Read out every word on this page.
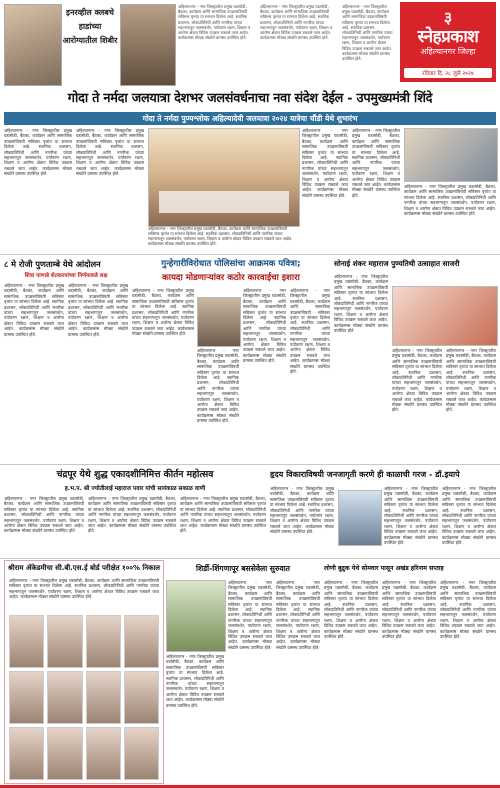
इनरव्हील क्लबचे हाडांच्या आरोग्यातील शिबीर
अहिल्यानगर - नगर जिल्ह्यातील प्रमुख घडामोडी, बैठका, कार्यक्रम आणि सामाजिक उपक्रमांविषयी सविस्तर वृत्तांत या स्तंभात दिलेला आहे. स्थानिक प्रशासन, लोकप्रतिनिधी आणि नागरिक यांच्या सहभागातून जलसंवर्धन, पर्यावरण रक्षण, शिक्षण व आरोग्य क्षेत्रात विविध उपक्रम राबवले जात आहेत. कार्यक्रमास मोठ्या संख्येने ग्रामस्थ उपस्थित होते.
अहिल्यानगर - नगर जिल्ह्यातील प्रमुख घडामोडी, बैठका, कार्यक्रम आणि सामाजिक उपक्रमांविषयी सविस्तर वृत्तांत या स्तंभात दिलेला आहे. स्थानिक प्रशासन, लोकप्रतिनिधी आणि नागरिक यांच्या सहभागातून जलसंवर्धन, पर्यावरण रक्षण, शिक्षण व आरोग्य क्षेत्रात विविध उपक्रम राबवले जात आहेत. कार्यक्रमास मोठ्या संख्येने ग्रामस्थ उपस्थित होते.
अहिल्यानगर - नगर जिल्ह्यातील प्रमुख घडामोडी, बैठका, कार्यक्रम आणि सामाजिक उपक्रमांविषयी सविस्तर वृत्तांत या स्तंभात दिलेला आहे. स्थानिक प्रशासन, लोकप्रतिनिधी आणि नागरिक यांच्या सहभागातून जलसंवर्धन, पर्यावरण रक्षण, शिक्षण व आरोग्य क्षेत्रात विविध उपक्रम राबवले जात आहेत. कार्यक्रमास मोठ्या संख्येने ग्रामस्थ उपस्थित होते.
३
स्नेहप्रकाश
अहिल्यानगर जिल्हा
रविवार दि. २८ जुलै २०२४
गोदा ते नर्मदा जलयात्रा देशभर जलसंवर्धनाचा नवा संदेश देईल - उपमुख्यमंत्री शिंदे
गोदा ते नर्मदा पुण्यश्लोक अहिल्यादेवी जलयात्रा २०२४ यात्रेचा चौंडी येथे शुभारंभ
अहिल्यानगर - नगर जिल्ह्यातील प्रमुख घडामोडी, बैठका, कार्यक्रम आणि सामाजिक उपक्रमांविषयी सविस्तर वृत्तांत या स्तंभात दिलेला आहे. स्थानिक प्रशासन, लोकप्रतिनिधी आणि नागरिक यांच्या सहभागातून जलसंवर्धन, पर्यावरण रक्षण, शिक्षण व आरोग्य क्षेत्रात विविध उपक्रम राबवले जात आहेत. कार्यक्रमास मोठ्या संख्येने ग्रामस्थ उपस्थित होते.
अहिल्यानगर - नगर जिल्ह्यातील प्रमुख घडामोडी, बैठका, कार्यक्रम आणि सामाजिक उपक्रमांविषयी सविस्तर वृत्तांत या स्तंभात दिलेला आहे. स्थानिक प्रशासन, लोकप्रतिनिधी आणि नागरिक यांच्या सहभागातून जलसंवर्धन, पर्यावरण रक्षण, शिक्षण व आरोग्य क्षेत्रात विविध उपक्रम राबवले जात आहेत. कार्यक्रमास मोठ्या संख्येने ग्रामस्थ उपस्थित होते.
अहिल्यानगर - नगर जिल्ह्यातील प्रमुख घडामोडी, बैठका, कार्यक्रम आणि सामाजिक उपक्रमांविषयी सविस्तर वृत्तांत या स्तंभात दिलेला आहे. स्थानिक प्रशासन, लोकप्रतिनिधी आणि नागरिक यांच्या सहभागातून जलसंवर्धन, पर्यावरण रक्षण, शिक्षण व आरोग्य क्षेत्रात विविध उपक्रम राबवले जात आहेत. कार्यक्रमास मोठ्या संख्येने ग्रामस्थ उपस्थित होते.
अहिल्यानगर - नगर जिल्ह्यातील प्रमुख घडामोडी, बैठका, कार्यक्रम आणि सामाजिक उपक्रमांविषयी सविस्तर वृत्तांत या स्तंभात दिलेला आहे. स्थानिक प्रशासन, लोकप्रतिनिधी आणि नागरिक यांच्या सहभागातून जलसंवर्धन, पर्यावरण रक्षण, शिक्षण व आरोग्य क्षेत्रात विविध उपक्रम राबवले जात आहेत. कार्यक्रमास मोठ्या संख्येने ग्रामस्थ उपस्थित होते.
अहिल्यानगर - नगर जिल्ह्यातील प्रमुख घडामोडी, बैठका, कार्यक्रम आणि सामाजिक उपक्रमांविषयी सविस्तर वृत्तांत या स्तंभात दिलेला आहे. स्थानिक प्रशासन, लोकप्रतिनिधी आणि नागरिक यांच्या सहभागातून जलसंवर्धन, पर्यावरण रक्षण, शिक्षण व आरोग्य क्षेत्रात विविध उपक्रम राबवले जात आहेत. कार्यक्रमास मोठ्या संख्येने ग्रामस्थ उपस्थित होते.
अहिल्यानगर - नगर जिल्ह्यातील प्रमुख घडामोडी, बैठका, कार्यक्रम आणि सामाजिक उपक्रमांविषयी सविस्तर वृत्तांत या स्तंभात दिलेला आहे. स्थानिक प्रशासन, लोकप्रतिनिधी आणि नागरिक यांच्या सहभागातून जलसंवर्धन, पर्यावरण रक्षण, शिक्षण व आरोग्य क्षेत्रात विविध उपक्रम राबवले जात आहेत. कार्यक्रमास मोठ्या संख्येने ग्रामस्थ उपस्थित होते.
८ मे रोजी पुणताम्बे येथे आंदोलन
शिवा पाणाडे शेतकरयांच्या निर्णयाकडे लक्ष
अहिल्यानगर - नगर जिल्ह्यातील प्रमुख घडामोडी, बैठका, कार्यक्रम आणि सामाजिक उपक्रमांविषयी सविस्तर वृत्तांत या स्तंभात दिलेला आहे. स्थानिक प्रशासन, लोकप्रतिनिधी आणि नागरिक यांच्या सहभागातून जलसंवर्धन, पर्यावरण रक्षण, शिक्षण व आरोग्य क्षेत्रात विविध उपक्रम राबवले जात आहेत. कार्यक्रमास मोठ्या संख्येने ग्रामस्थ उपस्थित होते.
अहिल्यानगर - नगर जिल्ह्यातील प्रमुख घडामोडी, बैठका, कार्यक्रम आणि सामाजिक उपक्रमांविषयी सविस्तर वृत्तांत या स्तंभात दिलेला आहे. स्थानिक प्रशासन, लोकप्रतिनिधी आणि नागरिक यांच्या सहभागातून जलसंवर्धन, पर्यावरण रक्षण, शिक्षण व आरोग्य क्षेत्रात विविध उपक्रम राबवले जात आहेत. कार्यक्रमास मोठ्या संख्येने ग्रामस्थ उपस्थित होते.
गुन्हेगारीविरोधात पोलिसांचा आक्रमक पवित्रा;
कायदा मोडणाऱ्यांवर कठोर कारवाईचा इशारा
अहिल्यानगर - नगर जिल्ह्यातील प्रमुख घडामोडी, बैठका, कार्यक्रम आणि सामाजिक उपक्रमांविषयी सविस्तर वृत्तांत या स्तंभात दिलेला आहे. स्थानिक प्रशासन, लोकप्रतिनिधी आणि नागरिक यांच्या सहभागातून जलसंवर्धन, पर्यावरण रक्षण, शिक्षण व आरोग्य क्षेत्रात विविध उपक्रम राबवले जात आहेत. कार्यक्रमास मोठ्या संख्येने ग्रामस्थ उपस्थित होते.
अहिल्यानगर - नगर जिल्ह्यातील प्रमुख घडामोडी, बैठका, कार्यक्रम आणि सामाजिक उपक्रमांविषयी सविस्तर वृत्तांत या स्तंभात दिलेला आहे. स्थानिक प्रशासन, लोकप्रतिनिधी आणि नागरिक यांच्या सहभागातून जलसंवर्धन, पर्यावरण रक्षण, शिक्षण व आरोग्य क्षेत्रात विविध उपक्रम राबवले जात आहेत. कार्यक्रमास मोठ्या संख्येने ग्रामस्थ उपस्थित होते.
अहिल्यानगर - नगर जिल्ह्यातील प्रमुख घडामोडी, बैठका, कार्यक्रम आणि सामाजिक उपक्रमांविषयी सविस्तर वृत्तांत या स्तंभात दिलेला आहे. स्थानिक प्रशासन, लोकप्रतिनिधी आणि नागरिक यांच्या सहभागातून जलसंवर्धन, पर्यावरण रक्षण, शिक्षण व आरोग्य क्षेत्रात विविध उपक्रम राबवले जात आहेत. कार्यक्रमास मोठ्या संख्येने ग्रामस्थ उपस्थित होते.
अहिल्यानगर - नगर जिल्ह्यातील प्रमुख घडामोडी, बैठका, कार्यक्रम आणि सामाजिक उपक्रमांविषयी सविस्तर वृत्तांत या स्तंभात दिलेला आहे. स्थानिक प्रशासन, लोकप्रतिनिधी आणि नागरिक यांच्या सहभागातून जलसंवर्धन, पर्यावरण रक्षण, शिक्षण व आरोग्य क्षेत्रात विविध उपक्रम राबवले जात आहेत. कार्यक्रमास मोठ्या संख्येने ग्रामस्थ उपस्थित होते.
सोनाई शंकर महाराज पुण्यतिथी उत्साहात साजरी
अहिल्यानगर - नगर जिल्ह्यातील प्रमुख घडामोडी, बैठका, कार्यक्रम आणि सामाजिक उपक्रमांविषयी सविस्तर वृत्तांत या स्तंभात दिलेला आहे. स्थानिक प्रशासन, लोकप्रतिनिधी आणि नागरिक यांच्या सहभागातून जलसंवर्धन, पर्यावरण रक्षण, शिक्षण व आरोग्य क्षेत्रात विविध उपक्रम राबवले जात आहेत. कार्यक्रमास मोठ्या संख्येने ग्रामस्थ उपस्थित होते.
अहिल्यानगर - नगर जिल्ह्यातील प्रमुख घडामोडी, बैठका, कार्यक्रम आणि सामाजिक उपक्रमांविषयी सविस्तर वृत्तांत या स्तंभात दिलेला आहे. स्थानिक प्रशासन, लोकप्रतिनिधी आणि नागरिक यांच्या सहभागातून जलसंवर्धन, पर्यावरण रक्षण, शिक्षण व आरोग्य क्षेत्रात विविध उपक्रम राबवले जात आहेत. कार्यक्रमास मोठ्या संख्येने ग्रामस्थ उपस्थित होते.
अहिल्यानगर - नगर जिल्ह्यातील प्रमुख घडामोडी, बैठका, कार्यक्रम आणि सामाजिक उपक्रमांविषयी सविस्तर वृत्तांत या स्तंभात दिलेला आहे. स्थानिक प्रशासन, लोकप्रतिनिधी आणि नागरिक यांच्या सहभागातून जलसंवर्धन, पर्यावरण रक्षण, शिक्षण व आरोग्य क्षेत्रात विविध उपक्रम राबवले जात आहेत. कार्यक्रमास मोठ्या संख्येने ग्रामस्थ उपस्थित होते.
चंद्रपूर येथे शुद्ध एकादशीनिमित्त कीर्तन महोत्सव
ह.भ.प. श्री ज्योतीलाई महाराज पवार यांची सायंकाळ सकाळ वाणी
अहिल्यानगर - नगर जिल्ह्यातील प्रमुख घडामोडी, बैठका, कार्यक्रम आणि सामाजिक उपक्रमांविषयी सविस्तर वृत्तांत या स्तंभात दिलेला आहे. स्थानिक प्रशासन, लोकप्रतिनिधी आणि नागरिक यांच्या सहभागातून जलसंवर्धन, पर्यावरण रक्षण, शिक्षण व आरोग्य क्षेत्रात विविध उपक्रम राबवले जात आहेत. कार्यक्रमास मोठ्या संख्येने ग्रामस्थ उपस्थित होते.
अहिल्यानगर - नगर जिल्ह्यातील प्रमुख घडामोडी, बैठका, कार्यक्रम आणि सामाजिक उपक्रमांविषयी सविस्तर वृत्तांत या स्तंभात दिलेला आहे. स्थानिक प्रशासन, लोकप्रतिनिधी आणि नागरिक यांच्या सहभागातून जलसंवर्धन, पर्यावरण रक्षण, शिक्षण व आरोग्य क्षेत्रात विविध उपक्रम राबवले जात आहेत. कार्यक्रमास मोठ्या संख्येने ग्रामस्थ उपस्थित होते.
अहिल्यानगर - नगर जिल्ह्यातील प्रमुख घडामोडी, बैठका, कार्यक्रम आणि सामाजिक उपक्रमांविषयी सविस्तर वृत्तांत या स्तंभात दिलेला आहे. स्थानिक प्रशासन, लोकप्रतिनिधी आणि नागरिक यांच्या सहभागातून जलसंवर्धन, पर्यावरण रक्षण, शिक्षण व आरोग्य क्षेत्रात विविध उपक्रम राबवले जात आहेत. कार्यक्रमास मोठ्या संख्येने ग्रामस्थ उपस्थित होते.
हृदय विकाराविषयी जनजागृती करणे ही काळाची गरज - डॉ.इयापे
अहिल्यानगर - नगर जिल्ह्यातील प्रमुख घडामोडी, बैठका, कार्यक्रम आणि सामाजिक उपक्रमांविषयी सविस्तर वृत्तांत या स्तंभात दिलेला आहे. स्थानिक प्रशासन, लोकप्रतिनिधी आणि नागरिक यांच्या सहभागातून जलसंवर्धन, पर्यावरण रक्षण, शिक्षण व आरोग्य क्षेत्रात विविध उपक्रम राबवले जात आहेत. कार्यक्रमास मोठ्या संख्येने ग्रामस्थ उपस्थित होते.
अहिल्यानगर - नगर जिल्ह्यातील प्रमुख घडामोडी, बैठका, कार्यक्रम आणि सामाजिक उपक्रमांविषयी सविस्तर वृत्तांत या स्तंभात दिलेला आहे. स्थानिक प्रशासन, लोकप्रतिनिधी आणि नागरिक यांच्या सहभागातून जलसंवर्धन, पर्यावरण रक्षण, शिक्षण व आरोग्य क्षेत्रात विविध उपक्रम राबवले जात आहेत. कार्यक्रमास मोठ्या संख्येने ग्रामस्थ उपस्थित होते.
अहिल्यानगर - नगर जिल्ह्यातील प्रमुख घडामोडी, बैठका, कार्यक्रम आणि सामाजिक उपक्रमांविषयी सविस्तर वृत्तांत या स्तंभात दिलेला आहे. स्थानिक प्रशासन, लोकप्रतिनिधी आणि नागरिक यांच्या सहभागातून जलसंवर्धन, पर्यावरण रक्षण, शिक्षण व आरोग्य क्षेत्रात विविध उपक्रम राबवले जात आहेत. कार्यक्रमास मोठ्या संख्येने ग्रामस्थ उपस्थित होते.
श्रीराम ॲकेडमीचा सी.बी.एस.ई बोर्ड परीक्षेत १००% निकाल
अहिल्यानगर - नगर जिल्ह्यातील प्रमुख घडामोडी, बैठका, कार्यक्रम आणि सामाजिक उपक्रमांविषयी सविस्तर वृत्तांत या स्तंभात दिलेला आहे. स्थानिक प्रशासन, लोकप्रतिनिधी आणि नागरिक यांच्या सहभागातून जलसंवर्धन, पर्यावरण रक्षण, शिक्षण व आरोग्य क्षेत्रात विविध उपक्रम राबवले जात आहेत. कार्यक्रमास मोठ्या संख्येने ग्रामस्थ उपस्थित होते.
शिर्डी-शिंगणापूर बससेवेला सुरुवात
अहिल्यानगर - नगर जिल्ह्यातील प्रमुख घडामोडी, बैठका, कार्यक्रम आणि सामाजिक उपक्रमांविषयी सविस्तर वृत्तांत या स्तंभात दिलेला आहे. स्थानिक प्रशासन, लोकप्रतिनिधी आणि नागरिक यांच्या सहभागातून जलसंवर्धन, पर्यावरण रक्षण, शिक्षण व आरोग्य क्षेत्रात विविध उपक्रम राबवले जात आहेत. कार्यक्रमास मोठ्या संख्येने ग्रामस्थ उपस्थित होते.
अहिल्यानगर - नगर जिल्ह्यातील प्रमुख घडामोडी, बैठका, कार्यक्रम आणि सामाजिक उपक्रमांविषयी सविस्तर वृत्तांत या स्तंभात दिलेला आहे. स्थानिक प्रशासन, लोकप्रतिनिधी आणि नागरिक यांच्या सहभागातून जलसंवर्धन, पर्यावरण रक्षण, शिक्षण व आरोग्य क्षेत्रात विविध उपक्रम राबवले जात आहेत. कार्यक्रमास मोठ्या संख्येने ग्रामस्थ उपस्थित होते.
अहिल्यानगर - नगर जिल्ह्यातील प्रमुख घडामोडी, बैठका, कार्यक्रम आणि सामाजिक उपक्रमांविषयी सविस्तर वृत्तांत या स्तंभात दिलेला आहे. स्थानिक प्रशासन, लोकप्रतिनिधी आणि नागरिक यांच्या सहभागातून जलसंवर्धन, पर्यावरण रक्षण, शिक्षण व आरोग्य क्षेत्रात विविध उपक्रम राबवले जात आहेत. कार्यक्रमास मोठ्या संख्येने ग्रामस्थ उपस्थित होते.
लोणी बुद्रुक येथे सोमवार पासून अखंड हरिनाम सप्ताह
अहिल्यानगर - नगर जिल्ह्यातील प्रमुख घडामोडी, बैठका, कार्यक्रम आणि सामाजिक उपक्रमांविषयी सविस्तर वृत्तांत या स्तंभात दिलेला आहे. स्थानिक प्रशासन, लोकप्रतिनिधी आणि नागरिक यांच्या सहभागातून जलसंवर्धन, पर्यावरण रक्षण, शिक्षण व आरोग्य क्षेत्रात विविध उपक्रम राबवले जात आहेत. कार्यक्रमास मोठ्या संख्येने ग्रामस्थ उपस्थित होते.
अहिल्यानगर - नगर जिल्ह्यातील प्रमुख घडामोडी, बैठका, कार्यक्रम आणि सामाजिक उपक्रमांविषयी सविस्तर वृत्तांत या स्तंभात दिलेला आहे. स्थानिक प्रशासन, लोकप्रतिनिधी आणि नागरिक यांच्या सहभागातून जलसंवर्धन, पर्यावरण रक्षण, शिक्षण व आरोग्य क्षेत्रात विविध उपक्रम राबवले जात आहेत. कार्यक्रमास मोठ्या संख्येने ग्रामस्थ उपस्थित होते.
अहिल्यानगर - नगर जिल्ह्यातील प्रमुख घडामोडी, बैठका, कार्यक्रम आणि सामाजिक उपक्रमांविषयी सविस्तर वृत्तांत या स्तंभात दिलेला आहे. स्थानिक प्रशासन, लोकप्रतिनिधी आणि नागरिक यांच्या सहभागातून जलसंवर्धन, पर्यावरण रक्षण, शिक्षण व आरोग्य क्षेत्रात विविध उपक्रम राबवले जात आहेत. कार्यक्रमास मोठ्या संख्येने ग्रामस्थ उपस्थित होते.
